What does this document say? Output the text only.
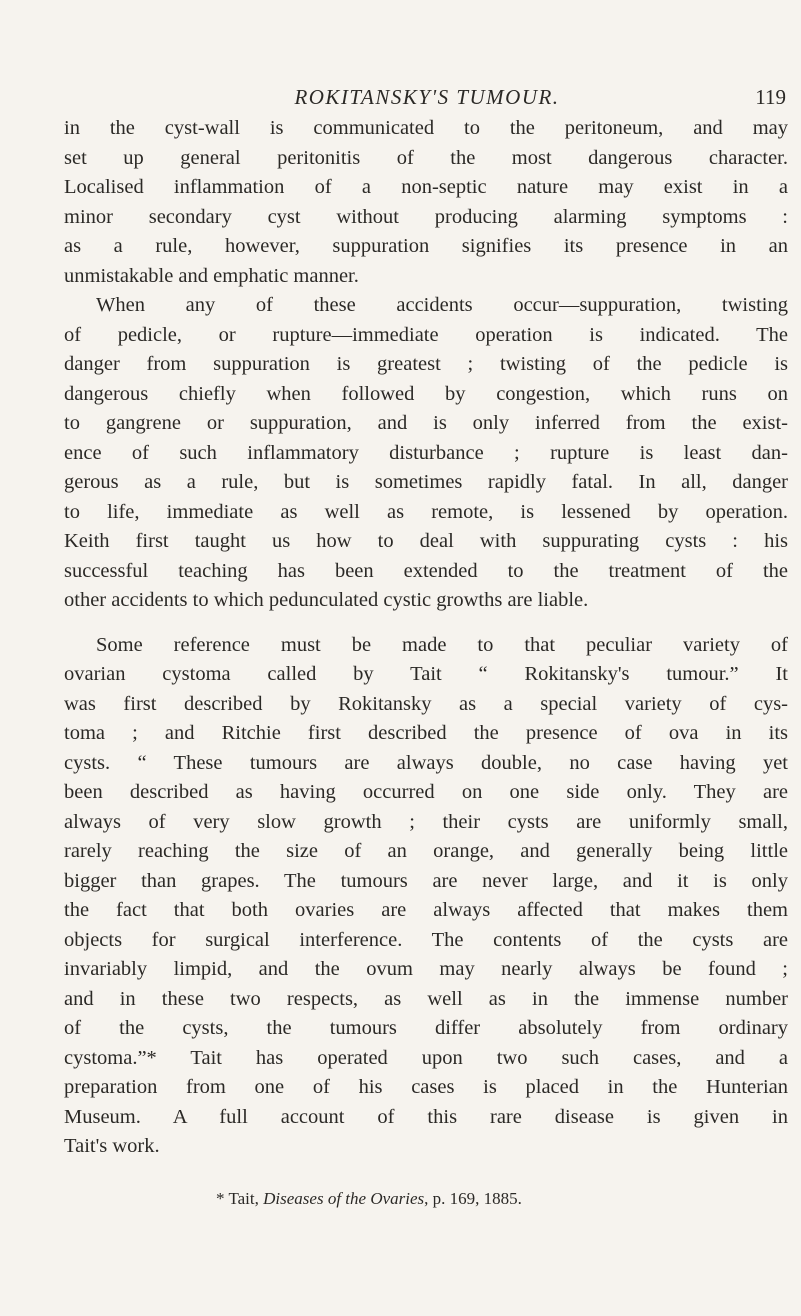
ROKITANSKY'S TUMOUR.	119
in the cyst-wall is communicated to the peritoneum, and may
set up general peritonitis of the most dangerous character.
Localised inflammation of a non-septic nature may exist in a
minor secondary cyst without producing alarming symptoms :
as a rule, however, suppuration signifies its presence in an
unmistakable and emphatic manner.
When any of these accidents occur—suppuration, twisting
of pedicle, or rupture—immediate operation is indicated. The
danger from suppuration is greatest ; twisting of the pedicle is
dangerous chiefly when followed by congestion, which runs on
to gangrene or suppuration, and is only inferred from the exist-
ence of such inflammatory disturbance ; rupture is least dan-
gerous as a rule, but is sometimes rapidly fatal. In all, danger
to life, immediate as well as remote, is lessened by operation.
Keith first taught us how to deal with suppurating cysts : his
successful teaching has been extended to the treatment of the
other accidents to which pedunculated cystic growths are liable.
Some reference must be made to that peculiar variety of
ovarian cystoma called by Tait “ Rokitansky's tumour.” It
was first described by Rokitansky as a special variety of cys-
toma ; and Ritchie first described the presence of ova in its
cysts. “ These tumours are always double, no case having yet
been described as having occurred on one side only. They are
always of very slow growth ; their cysts are uniformly small,
rarely reaching the size of an orange, and generally being little
bigger than grapes. The tumours are never large, and it is only
the fact that both ovaries are always affected that makes them
objects for surgical interference. The contents of the cysts are
invariably limpid, and the ovum may nearly always be found ;
and in these two respects, as well as in the immense number
of the cysts, the tumours differ absolutely from ordinary
cystoma.”* Tait has operated upon two such cases, and a
preparation from one of his cases is placed in the Hunterian
Museum. A full account of this rare disease is given in
Tait's work.
* Tait, Diseases of the Ovaries, p. 169, 1885.
